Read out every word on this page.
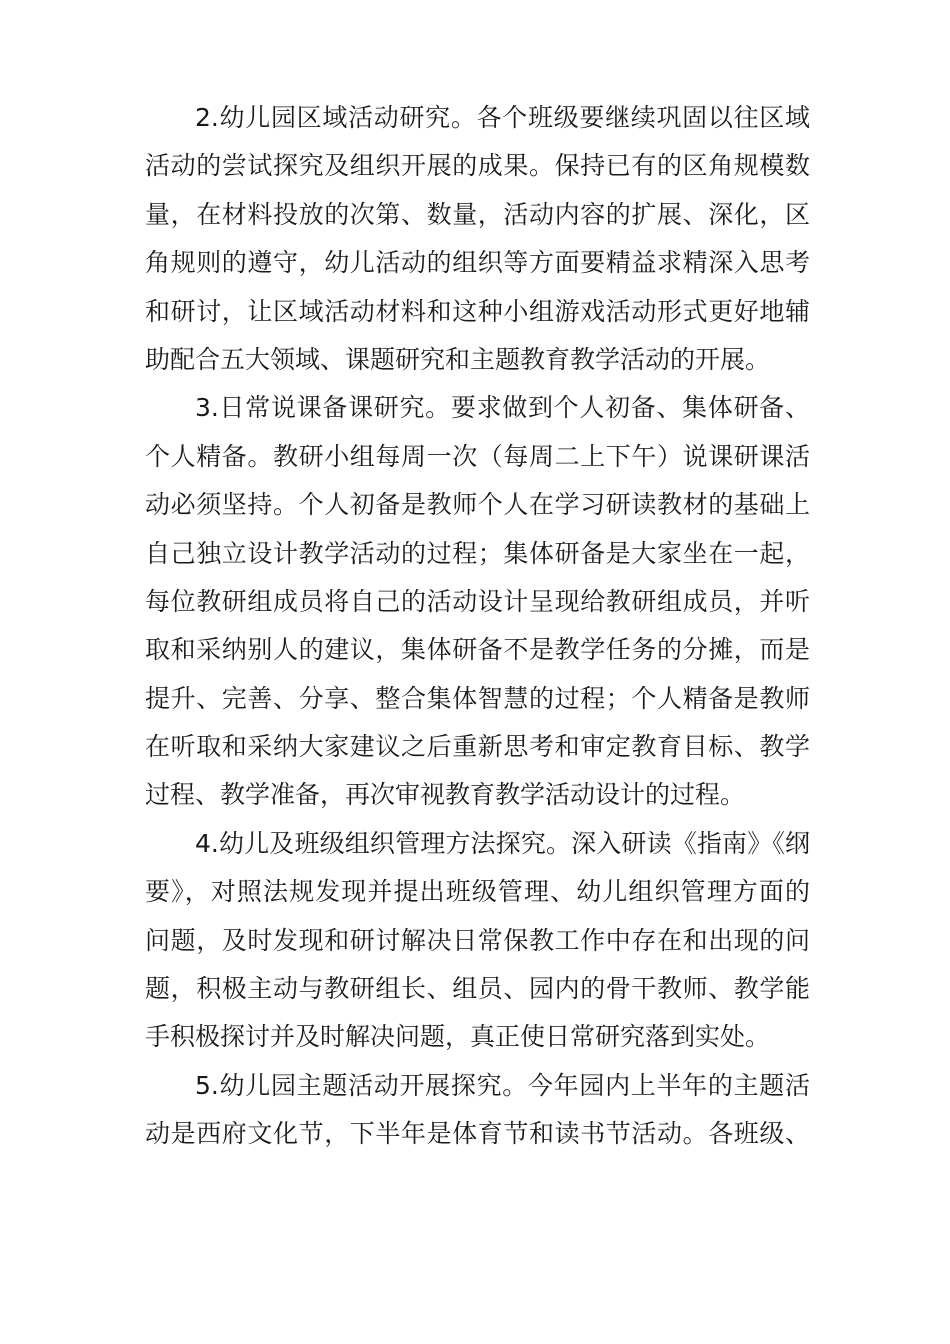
2.幼儿园区域活动研究。各个班级要继续巩固以往区域
活动的尝试探究及组织开展的成果。保持已有的区角规模数
量，在材料投放的次第、数量，活动内容的扩展、深化，区
角规则的遵守，幼儿活动的组织等方面要精益求精深入思考
和研讨，让区域活动材料和这种小组游戏活动形式更好地辅
助配合五大领域、课题研究和主题教育教学活动的开展。
3.日常说课备课研究。要求做到个人初备、集体研备、
个人精备。教研小组每周一次（每周二上下午）说课研课活
动必须坚持。个人初备是教师个人在学习研读教材的基础上
自己独立设计教学活动的过程；集体研备是大家坐在一起，
每位教研组成员将自己的活动设计呈现给教研组成员，并听
取和采纳别人的建议，集体研备不是教学任务的分摊，而是
提升、完善、分享、整合集体智慧的过程；个人精备是教师
在听取和采纳大家建议之后重新思考和审定教育目标、教学
过程、教学准备，再次审视教育教学活动设计的过程。
4.幼儿及班级组织管理方法探究。深入研读《指南》《纲
要》，对照法规发现并提出班级管理、幼儿组织管理方面的
问题，及时发现和研讨解决日常保教工作中存在和出现的问
题，积极主动与教研组长、组员、园内的骨干教师、教学能
手积极探讨并及时解决问题，真正使日常研究落到实处。
5.幼儿园主题活动开展探究。今年园内上半年的主题活
动是西府文化节，下半年是体育节和读书节活动。各班级、
